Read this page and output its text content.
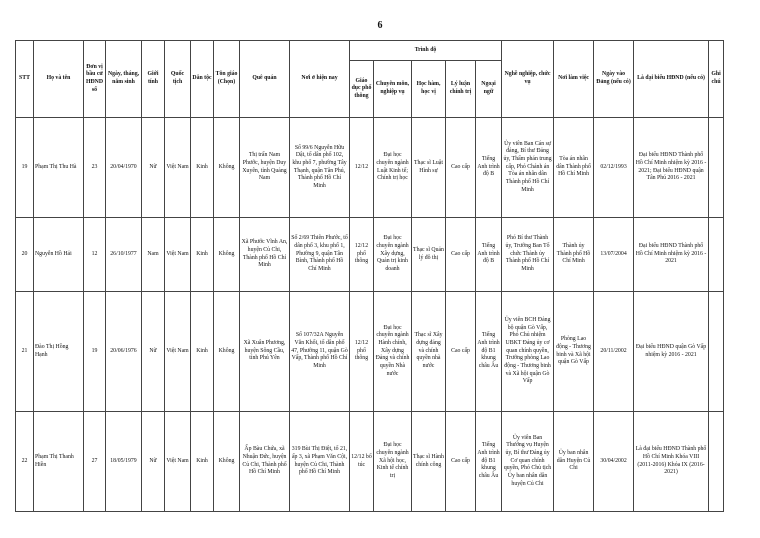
6
STT	Họ và tên	Đơn vị bầu cử HĐND số	Ngày, tháng, năm sinh	Giới tính	Quốc tịch	Dân tộc	Tôn giáo (Chọn)	Quê quán	Nơi ở hiện nay	Trình độ					Nghề nghiệp, chức vụ	Nơi làm việc	Ngày vào Đảng (nếu có)	Là đại biểu HĐND (nếu có)	Ghi chú
										Giáo dục phổ thông	Chuyên môn, nghiệp vụ	Học hàm, học vị	Lý luận chính trị	Ngoại ngữ					
19	Phạm Thị Thu Hà	23	20/04/1970	Nữ	Việt Nam	Kinh	Không	Thị trấn Nam Phước, huyện Duy Xuyên, tỉnh Quảng Nam	Số 99/6 Nguyễn Hữu Dật, tổ dân phố 102, khu phố 7, phường Tây Thạnh, quận Tân Phú, Thành phố Hồ Chí Minh	12/12	Đại học chuyên ngành Luật Kinh tế; Chính trị học	Thạc sĩ Luật Hình sự	Cao cấp	Tiếng Anh trình độ B	Ủy viên Ban Cán sự đảng, Bí thư Đảng ủy, Thẩm phán trung cấp, Phó Chánh án Tòa án nhân dân Thành phố Hồ Chí Minh	Tòa án nhân dân Thành phố Hồ Chí Minh	02/12/1993	Đại biểu HĐND Thành phố Hồ Chí Minh nhiệm kỳ 2016 - 2021; Đại biểu HĐND quận Tân Phú 2016 - 2021	
20	Nguyễn Hồ Hải	12	26/10/1977	Nam	Việt Nam	Kinh	Không	Xã Phước Vĩnh An, huyện Củ Chi, Thành phố Hồ Chí Minh	Số 2/69 Thiên Phước, tổ dân phố 3, khu phố 1, Phường 9, quận Tân Bình, Thành phố Hồ Chí Minh	12/12 phổ thông	Đại học chuyên ngành Xây dựng, Quản trị kinh doanh	Thạc sĩ Quản lý đô thị	Cao cấp	Tiếng Anh trình độ B	Phó Bí thư Thành ủy, Trưởng Ban Tổ chức Thành ủy Thành phố Hồ Chí Minh	Thành ủy Thành phố Hồ Chí Minh	13/07/2004	Đại biểu HĐND Thành phố Hồ Chí Minh nhiệm kỳ 2016 - 2021	
21	Đào Thị Hồng Hạnh	19	20/06/1976	Nữ	Việt Nam	Kinh	Không	Xã Xuân Phương, huyện Sông Cầu, tỉnh Phú Yên	Số 107/32A Nguyễn Văn Khối, tổ dân phố 47, Phường 11, quận Gò Vấp, Thành phố Hồ Chí Minh	12/12 phổ thông	Đại học chuyên ngành Hành chính, Xây dựng Đảng và chính quyền Nhà nước	Thạc sĩ Xây dựng đảng và chính quyền nhà nước	Cao cấp	Tiếng Anh trình độ B1 khung châu Âu	Ủy viên BCH Đảng bộ quận Gò Vấp, Phó Chủ nhiệm UBKT Đảng ủy cơ quan chính quyền, Trưởng phòng Lao động - Thương binh và Xã hội quận Gò Vấp	Phòng Lao động - Thương binh và Xã hội quận Gò Vấp	20/11/2002	Đại biểu HĐND quận Gò Vấp nhiệm kỳ 2016 - 2021	
22	Phạm Thị Thanh Hiền	27	18/05/1979	Nữ	Việt Nam	Kinh	Không	Ấp Bàu Chứa, xã Nhuận Đức, huyện Củ Chi, Thành phố Hồ Chí Minh	319 Bùi Thị Điệt, tổ 21, ấp 3, xã Phạm Văn Cội, huyện Củ Chi, Thành phố Hồ Chí Minh	12/12 bổ túc	Đại học chuyên ngành Xã hội học, Kinh tế chính trị	Thạc sĩ Hành chính công	Cao cấp	Tiếng Anh trình độ B1 khung châu Âu	Ủy viên Ban Thường vụ Huyện ủy, Bí thư Đảng ủy Cơ quan chính quyền, Phó Chủ tịch Ủy ban nhân dân huyện Củ Chi	Ủy ban nhân dân Huyện Củ Chi	30/04/2002	Là đại biểu HĐND Thành phố Hồ Chí Minh Khóa VIII (2011-2016) Khóa IX (2016-2021)	
